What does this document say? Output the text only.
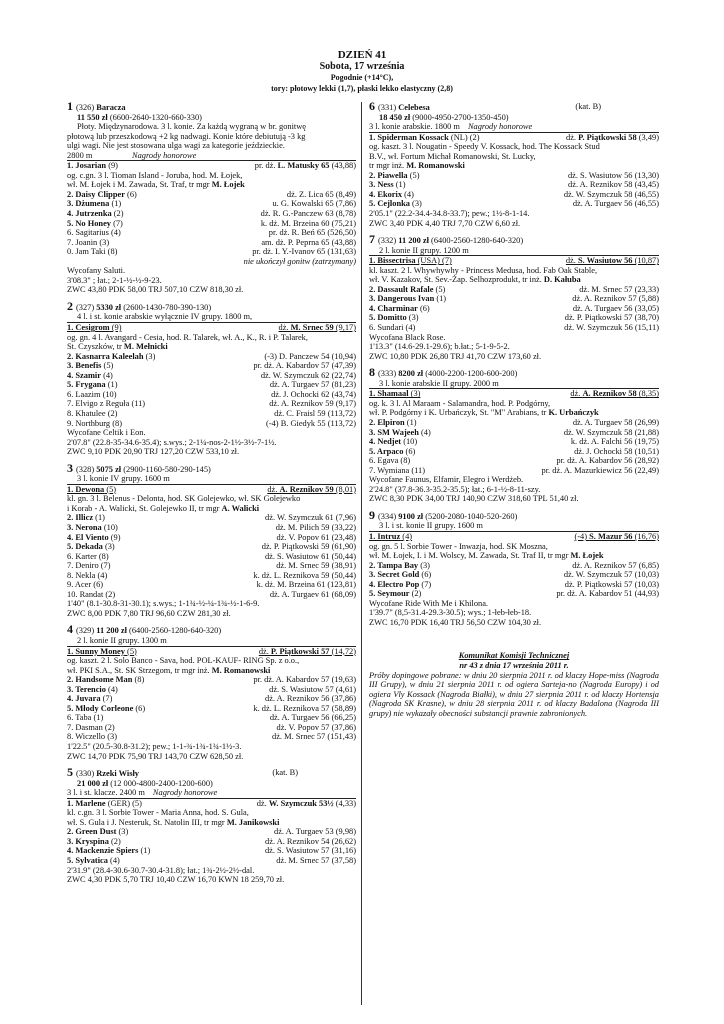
DZIEŃ 41
Sobota, 17 września
Pogodnie (+14°C),
tory: płotowy lekki (1,7), płaski lekko elastyczny (2,8)
1 (326) Baracza
11 550 zł (6600-2640-1320-660-330)
Płoty. Międzynarodowa. 3 l. konie. Za każdą wygraną w br. gonitwę
płotową lub przeszkodową +2 kg nadwagi. Konie które debiutują -3 kg
ulgi wagi. Nie jest stosowana ulga wagi za kategorie jeździeckie.
2800 m	Nagrody honorowe
1. Josarian (9)	pr. dż. L. Matusky 65 (43,88)
og. c.gn. 3 l. Tioman Island - Joruba, hod. M. Łojek,
wł. M. Łojek i M. Zawada, St. Traf, tr mgr M. Łojek
2. Daisy Clipper (6)	dż. Z. Lica 65 (8,49)
3. Dżumena (1)	u. G. Kowalski 65 (7,86)
4. Jutrzenka (2)	dż. R. G.-Panczew 63 (8,78)
5. No Honey (7)	k. dż. M. Brzeina 60 (75,21)
6. Sagitarius (4)	pr. dż. R. Beń 65 (526,50)
7. Joanin (3)	am. dż. P. Peprna 65 (43,88)
0. Jam Taki (8)	pr. dż. I. Y.-Ivanov 65 (131,63)
nie ukończył gonitw (zatrzymany)
Wycofany Saluti.
3'08.3" ; łat.; 2-1-½-½-9-23.
ZWC 43,80 PDK 58,00 TRJ 507,10 CZW 818,30 zł.
2 (327) 5330 zł (2600-1430-780-390-130)
4 l. i st. konie arabskie wyłącznie IV grupy. 1800 m,
1. Cesigrom (9)	dż. M. Srnec 59 (9,17)
og. gn. 4 l. Avangard - Cesia, hod. R. Talarek, wł. A., K., R. i P. Talarek,
St. Czyszków, tr M. Mełnicki
2. Kasnarra Kaleelah (3)	(-3) D. Panczew 54 (10,94)
3. Benefis (5)	pr. dż. A. Kabardov 57 (47,39)
4. Szamir (4)	dż. W. Szymczuk 62 (22,74)
5. Frygana (1)	dż. A. Turgaev 57 (81,23)
6. Laazim (10)	dż. J. Ochocki 62 (43,74)
7. Elvigo z Reguła (11)	dż. A. Reznikov 59 (9,17)
8. Khatulee (2)	dż. C. Fraisl 59 (113,72)
9. Northburg (8)	(-4) B. Giedyk 55 (113,72)
Wycofane Celtik i Eon.
2'07.8" (22.8-35-34.6-35.4); s.wys.; 2-1¼-nos-2-1½-3½-7-1½.
ZWC 9,10 PDK 20,90 TRJ 127,20 CZW 533,10 zł.
3 (328) 5075 zł (2900-1160-580-290-145)
3 l. konie IV grupy. 1600 m
1. Dewona (5)	dż. A. Reznikov 59 (8,01)
kl. gn. 3 l. Belenus - Delonta, hod. SK Golejewko, wł. SK Golejewko
i Korab - A. Walicki, St. Golejewko II, tr mgr A. Walicki
2. Illicz (1)	dż. W. Szymczuk 61 (7,96)
3. Nerona (10)	dż. M. Pilich 59 (33,22)
4. El Viento (9)	dż. V. Popov 61 (23,48)
5. Dekada (3)	dż. P. Piątkowski 59 (61,90)
6. Karter (8)	dż. S. Wasiutow 61 (50,44)
7. Deniro (7)	dż. M. Srnec 59 (38,91)
8. Nekla (4)	k. dż. L. Reznikova 59 (50,44)
9. Acer (6)	k. dż. M. Brzeina 61 (123,81)
10. Randat (2)	dż. A. Turgaev 61 (68,09)
1'40" (8.1-30.8-31-30.1); s.wys.; 1-1¾-½-¼-1¾-½-1-6-9.
ZWC 8,00 PDK 7,80 TRJ 96,60 CZW 281,30 zł.
4 (329) 11 200 zł (6400-2560-1280-640-320)
2 l. konie II grupy. 1300 m
1. Sunny Money (5)	dż. P. Piątkowski 57 (14,72)
og. kaszt. 2 l. Solo Banco - Sava, hod. POL-KAUF- RING Sp. z o.o.,
wł. PKI S.A., St. SK Strzegom, tr mgr inż. M. Romanowski
2. Handsome Man (8)	pr. dż. A. Kabardov 57 (19,63)
3. Terencio (4)	dż. S. Wasiutow 57 (4,61)
4. Juvara (7)	dż. A. Reznikov 56 (37,86)
5. Młody Corleone (6)	k. dż. L. Reznikova 57 (58,89)
6. Taba (1)	dż. A. Turgaev 56 (66,25)
7. Dasman (2)	dż. V. Popov 57 (37,86)
8. Wiczello (3)	dż. M. Srnec 57 (151,43)
1'22.5" (20.5-30.8-31.2); pew.; 1-1-¾-1¾-1¾-1½-3.
ZWC 14,70 PDK 75,90 TRJ 143,70 CZW 628,50 zł.
5 (330) Rzeki Wisły	(kat. B)
21 000 zł (12 000-4800-2400-1200-600)
3 l. i st. klacze. 2400 m Nagrody honorowe
1. Marlene (GER) (5)	dż. W. Szymczuk 53½ (4,33)
kl. c.gn. 3 l. Sorbie Tower - Maria Anna, hod. S. Gula,
wł. S. Gula i J. Nesteruk, St. Natolin III, tr mgr M. Janikowski
2. Green Dust (3)	dż. A. Turgaev 53 (9,98)
3. Kryspina (2)	dż. A. Reznikov 54 (26,62)
4. Mackenzie Spiers (1)	dż. S. Wasiutow 57 (31,16)
5. Sylvatica (4)	dż. M. Srnec 57 (37,58)
2'31.9" (28.4-30.6-30.7-30.4-31.8); łat.; 1¾-2½-2½-dal.
ZWC 4,30 PDK 5,70 TRJ 10,40 CZW 16,70 KWN 18 259,70 zł.
6 (331) Celebesa	(kat. B)
18 450 zł (9000-4950-2700-1350-450)
3 l. konie arabskie. 1800 m Nagrody honorowe
1. Spiderman Kossack (NL) (2)	dż. P. Piątkowski 58 (3,49)
og. kaszt. 3 l. Nougatin - Speedy V. Kossack, hod. The Kossack Stud
B.V., wł. Fortum Michał Romanowski, St. Lucky,
tr mgr inż. M. Romanowski
2. Piawella (5)	dż. S. Wasiutow 56 (13,30)
3. Ness (1)	dż. A. Reznikov 58 (43,45)
4. Ekorix (4)	dż. W. Szymczuk 58 (46,55)
5. Cejlonka (3)	dż. A. Turgaev 56 (46,55)
2'05.1" (22.2-34.4-34.8-33.7); pew.; 1½-8-1-14.
ZWC 3,40 PDK 4,40 TRJ 7,70 CZW 6,60 zł.
7 (332) 11 200 zł (6400-2560-1280-640-320)
2 l. konie II grupy. 1200 m
1. Bissectrisa (USA) (7)	dż. S. Wasiutow 56 (10,87)
kl. kaszt. 2 l. Whywhywhy - Princess Medusa, hod. Fab Oak Stable,
wł. V. Kazakov, St. Sev.-Żap. Selhozprodukt, tr inż. D. Kałuba
2. Dassault Rafale (5)	dż. M. Srnec 57 (23,33)
3. Dangerous Ivan (1)	dż. A. Reznikov 57 (5,88)
4. Charminar (6)	dż. A. Turgaev 56 (33,05)
5. Domitto (3)	dż. P. Piątkowski 57 (38,70)
6. Sundari (4)	dż. W. Szymczuk 56 (15,11)
Wycofana Black Rose.
1'13.3" (14.6-29.1-29.6); b.łat.; 5-1-9-5-2.
ZWC 10,80 PDK 26,80 TRJ 41,70 CZW 173,60 zł.
8 (333) 8200 zł (4000-2200-1200-600-200)
3 l. konie arabskie II grupy. 2000 m
1. Shamaal (3)	dż. A. Reznikov 58 (8,35)
og. k. 3 l. Al Maraam - Salamandra, hod. P. Podgórny,
wł. P. Podgórny i K. Urbańczyk, St. "M" Arabians, tr K. Urbańczyk
2. Elpiron (1)	dż. A. Turgaev 58 (26,99)
3. SM Wajeeh (4)	dż. W. Szymczuk 58 (21,88)
4. Nedjet (10)	k. dż. A. Falchi 56 (19,75)
5. Arpaco (6)	dż. J. Ochocki 58 (10,51)
6. Egava (8)	pr. dż. A. Kabardov 56 (28,92)
7. Wymiana (11)	pr. dż. A. Mazurkiewicz 56 (22,49)
Wycofane Faunus, Elfamir, Elegro i Werdżeb.
2'24.8" (37.8-36.3-35.2-35.5); łat.; 6-1-½-8-11-szy.
ZWC 8,30 PDK 34,00 TRJ 140,90 CZW 318,60 TPL 51,40 zł.
9 (334) 9100 zł (5200-2080-1040-520-260)
3 l. i st. konie II grupy. 1600 m
1. Intruz (4)	(-4) S. Mazur 56 (16,76)
og. gn. 5 l. Sorbie Tower - Inwazja, hod. SK Moszna,
wł. M. Łojek, I. i M. Wolscy, M. Zawada, St. Traf II, tr mgr M. Łojek
2. Tampa Bay (3)	dż. A. Reznikov 57 (6,85)
3. Secret Gold (6)	dż. W. Szymczuk 57 (10,03)
4. Electro Pop (7)	dż. P. Piątkowski 57 (10,03)
5. Seymour (2)	pr. dż. A. Kabardov 51 (44,93)
Wycofane Ride With Me i Khilona.
1'39.7" (8,5-31.4-29.3-30.5); wys.; 1-łeb-łeb-18.
ZWC 16,70 PDK 16,40 TRJ 56,50 CZW 104,30 zł.
Komunikat Komisji Technicznej
nr 43 z dnia 17 września 2011 r.
Próby dopingowe pobrane: w dniu 20 sierpnia 2011 r. od klaczy Hope-miss (Nagroda III Grupy), w dniu 21 sierpnia 2011 r. od ogiera Sarteja-no (Nagroda Europy) i od ogiera Vly Kossack (Nagroda Białki), w dniu 27 sierpnia 2011 r. od klaczy Hortensja (Nagroda SK Krasne), w dniu 28 sierpnia 2011 r. od klaczy Badalona (Nagroda III grupy) nie wykazały obecności substancji prawnie zabronionych.
